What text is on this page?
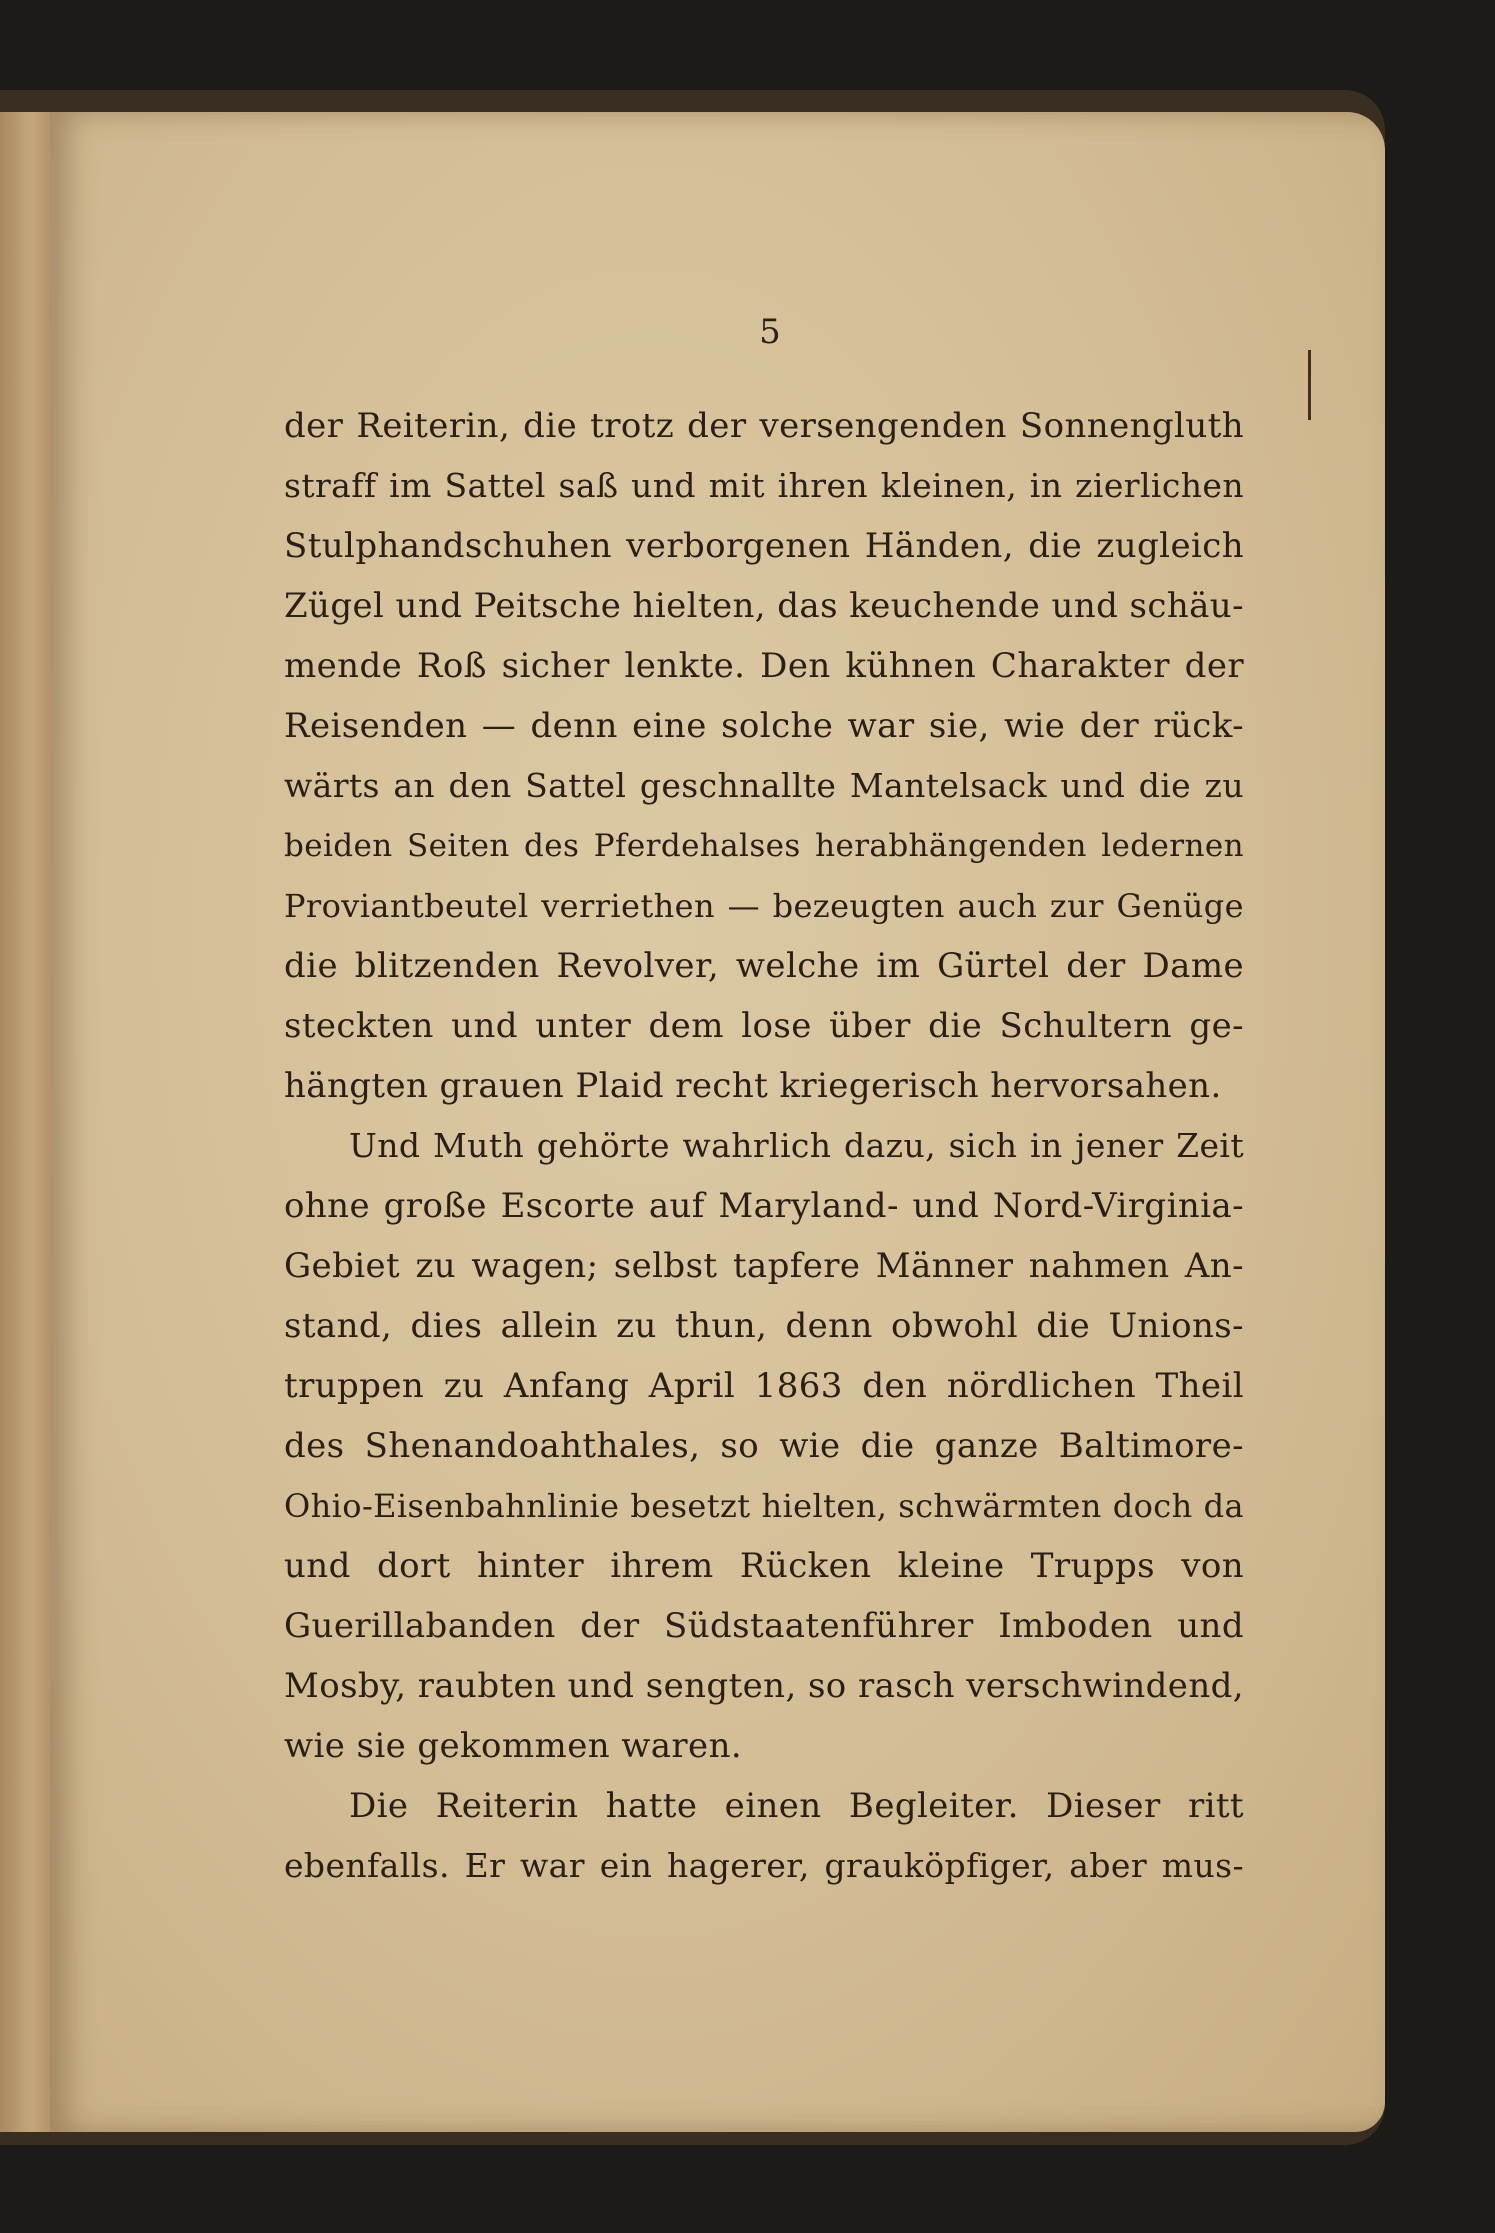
5
der Reiterin, die trotz der versengenden Sonnengluth
straff im Sattel saß und mit ihren kleinen, in zierlichen
Stulphandschuhen verborgenen Händen, die zugleich
Zügel und Peitsche hielten, das keuchende und schäu-
mende Roß sicher lenkte. Den kühnen Charakter der
Reisenden — denn eine solche war sie, wie der rück-
wärts an den Sattel geschnallte Mantelsack und die zu
beiden Seiten des Pferdehalses herabhängenden ledernen
Proviantbeutel verriethen — bezeugten auch zur Genüge
die blitzenden Revolver, welche im Gürtel der Dame
steckten und unter dem lose über die Schultern ge-
hängten grauen Plaid recht kriegerisch hervorsahen.
Und Muth gehörte wahrlich dazu, sich in jener Zeit
ohne große Escorte auf Maryland- und Nord-Virginia-
Gebiet zu wagen; selbst tapfere Männer nahmen An-
stand, dies allein zu thun, denn obwohl die Unions-
truppen zu Anfang April 1863 den nördlichen Theil
des Shenandoahthales, so wie die ganze Baltimore-
Ohio-Eisenbahnlinie besetzt hielten, schwärmten doch da
und dort hinter ihrem Rücken kleine Trupps von
Guerillabanden der Südstaatenführer Imboden und
Mosby, raubten und sengten, so rasch verschwindend,
wie sie gekommen waren.
Die Reiterin hatte einen Begleiter. Dieser ritt
ebenfalls. Er war ein hagerer, grauköpfiger, aber mus-
